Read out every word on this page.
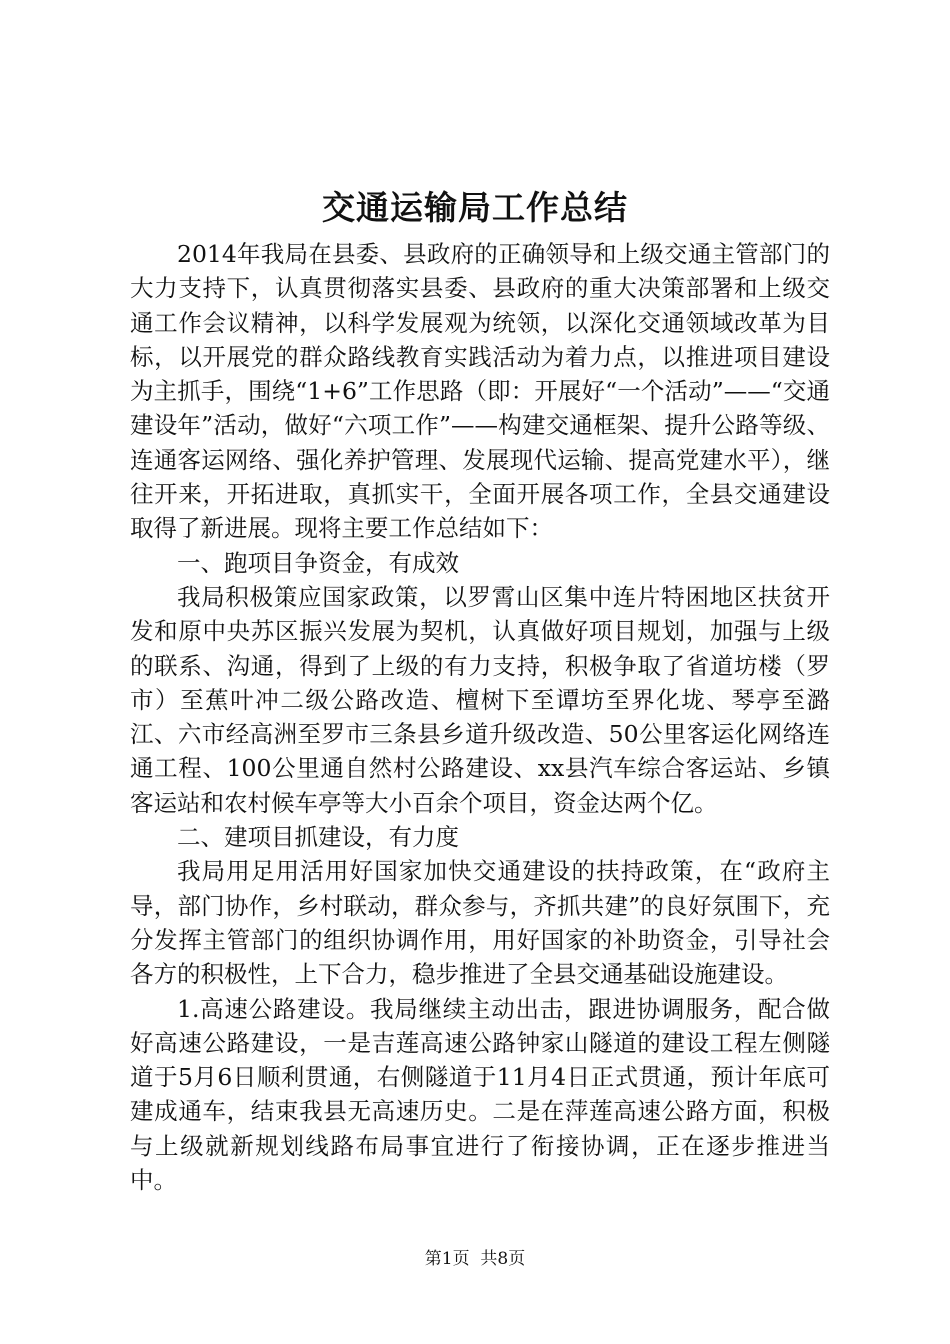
交通运输局工作总结

2014年我局在县委、县政府的正确领导和上级交通主管部门的大力支持下，认真贯彻落实县委、县政府的重大决策部署和上级交通工作会议精神，以科学发展观为统领，以深化交通领域改革为目标，以开展党的群众路线教育实践活动为着力点，以推进项目建设为主抓手，围绕“1+6”工作思路（即：开展好“一个活动”——“交通建设年”活动，做好“六项工作”——构建交通框架、提升公路等级、连通客运网络、强化养护管理、发展现代运输、提高党建水平），继往开来，开拓进取，真抓实干，全面开展各项工作，全县交通建设取得了新进展。现将主要工作总结如下：

一、跑项目争资金，有成效

我局积极策应国家政策，以罗霄山区集中连片特困地区扶贫开发和原中央苏区振兴发展为契机，认真做好项目规划，加强与上级的联系、沟通，得到了上级的有力支持，积极争取了省道坊楼（罗市）至蕉叶冲二级公路改造、檀树下至谭坊至界化垅、琴亭至潞江、六市经高洲至罗市三条县乡道升级改造、50公里客运化网络连通工程、100公里通自然村公路建设、xx县汽车综合客运站、乡镇客运站和农村候车亭等大小百余个项目，资金达两个亿。

二、建项目抓建设，有力度

我局用足用活用好国家加快交通建设的扶持政策，在“政府主导，部门协作，乡村联动，群众参与，齐抓共建”的良好氛围下，充分发挥主管部门的组织协调作用，用好国家的补助资金，引导社会各方的积极性，上下合力，稳步推进了全县交通基础设施建设。

1.高速公路建设。我局继续主动出击，跟进协调服务，配合做好高速公路建设，一是吉莲高速公路钟家山隧道的建设工程左侧隧道于5月6日顺利贯通，右侧隧道于11月4日正式贯通，预计年底可建成通车，结束我县无高速历史。二是在萍莲高速公路方面，积极与上级就新规划线路布局事宜进行了衔接协调，正在逐步推进当中。

第1页 共8页
